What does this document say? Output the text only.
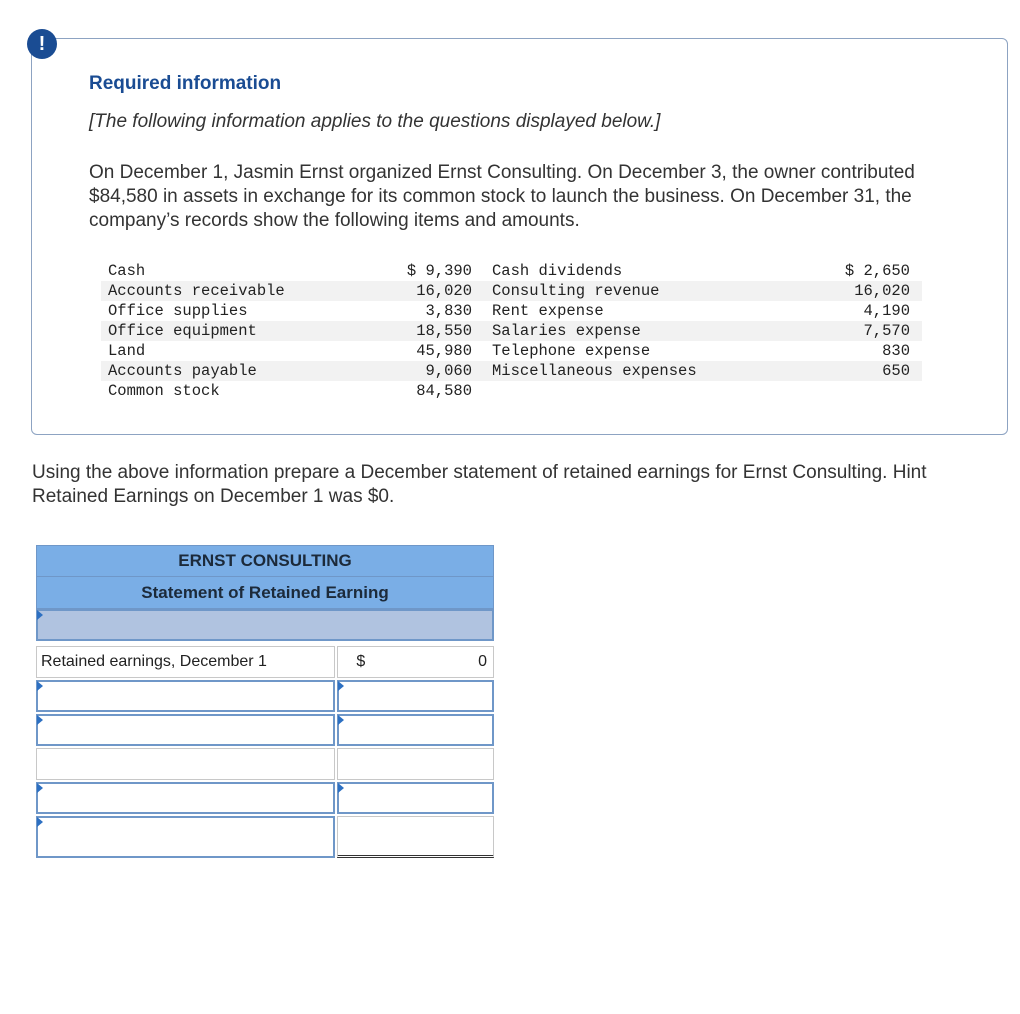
!
Required information
[The following information applies to the questions displayed below.]
On December 1, Jasmin Ernst organized Ernst Consulting. On December 3, the owner contributed $84,580 in assets in exchange for its common stock to launch the business. On December 31, the company’s records show the following items and amounts.
Cash	$ 9,390	Cash dividends	$ 2,650
Accounts receivable	16,020	Consulting revenue	16,020
Office supplies	3,830	Rent expense	4,190
Office equipment	18,550	Salaries expense	7,570
Land	45,980	Telephone expense	830
Accounts payable	9,060	Miscellaneous expenses	650
Common stock	84,580		
Using the above information prepare a December statement of retained earnings for Ernst Consulting. Hint
Retained Earnings on December 1 was $0.
ERNST CONSULTING
Statement of Retained Earning
Retained earnings, December 1	$	0
